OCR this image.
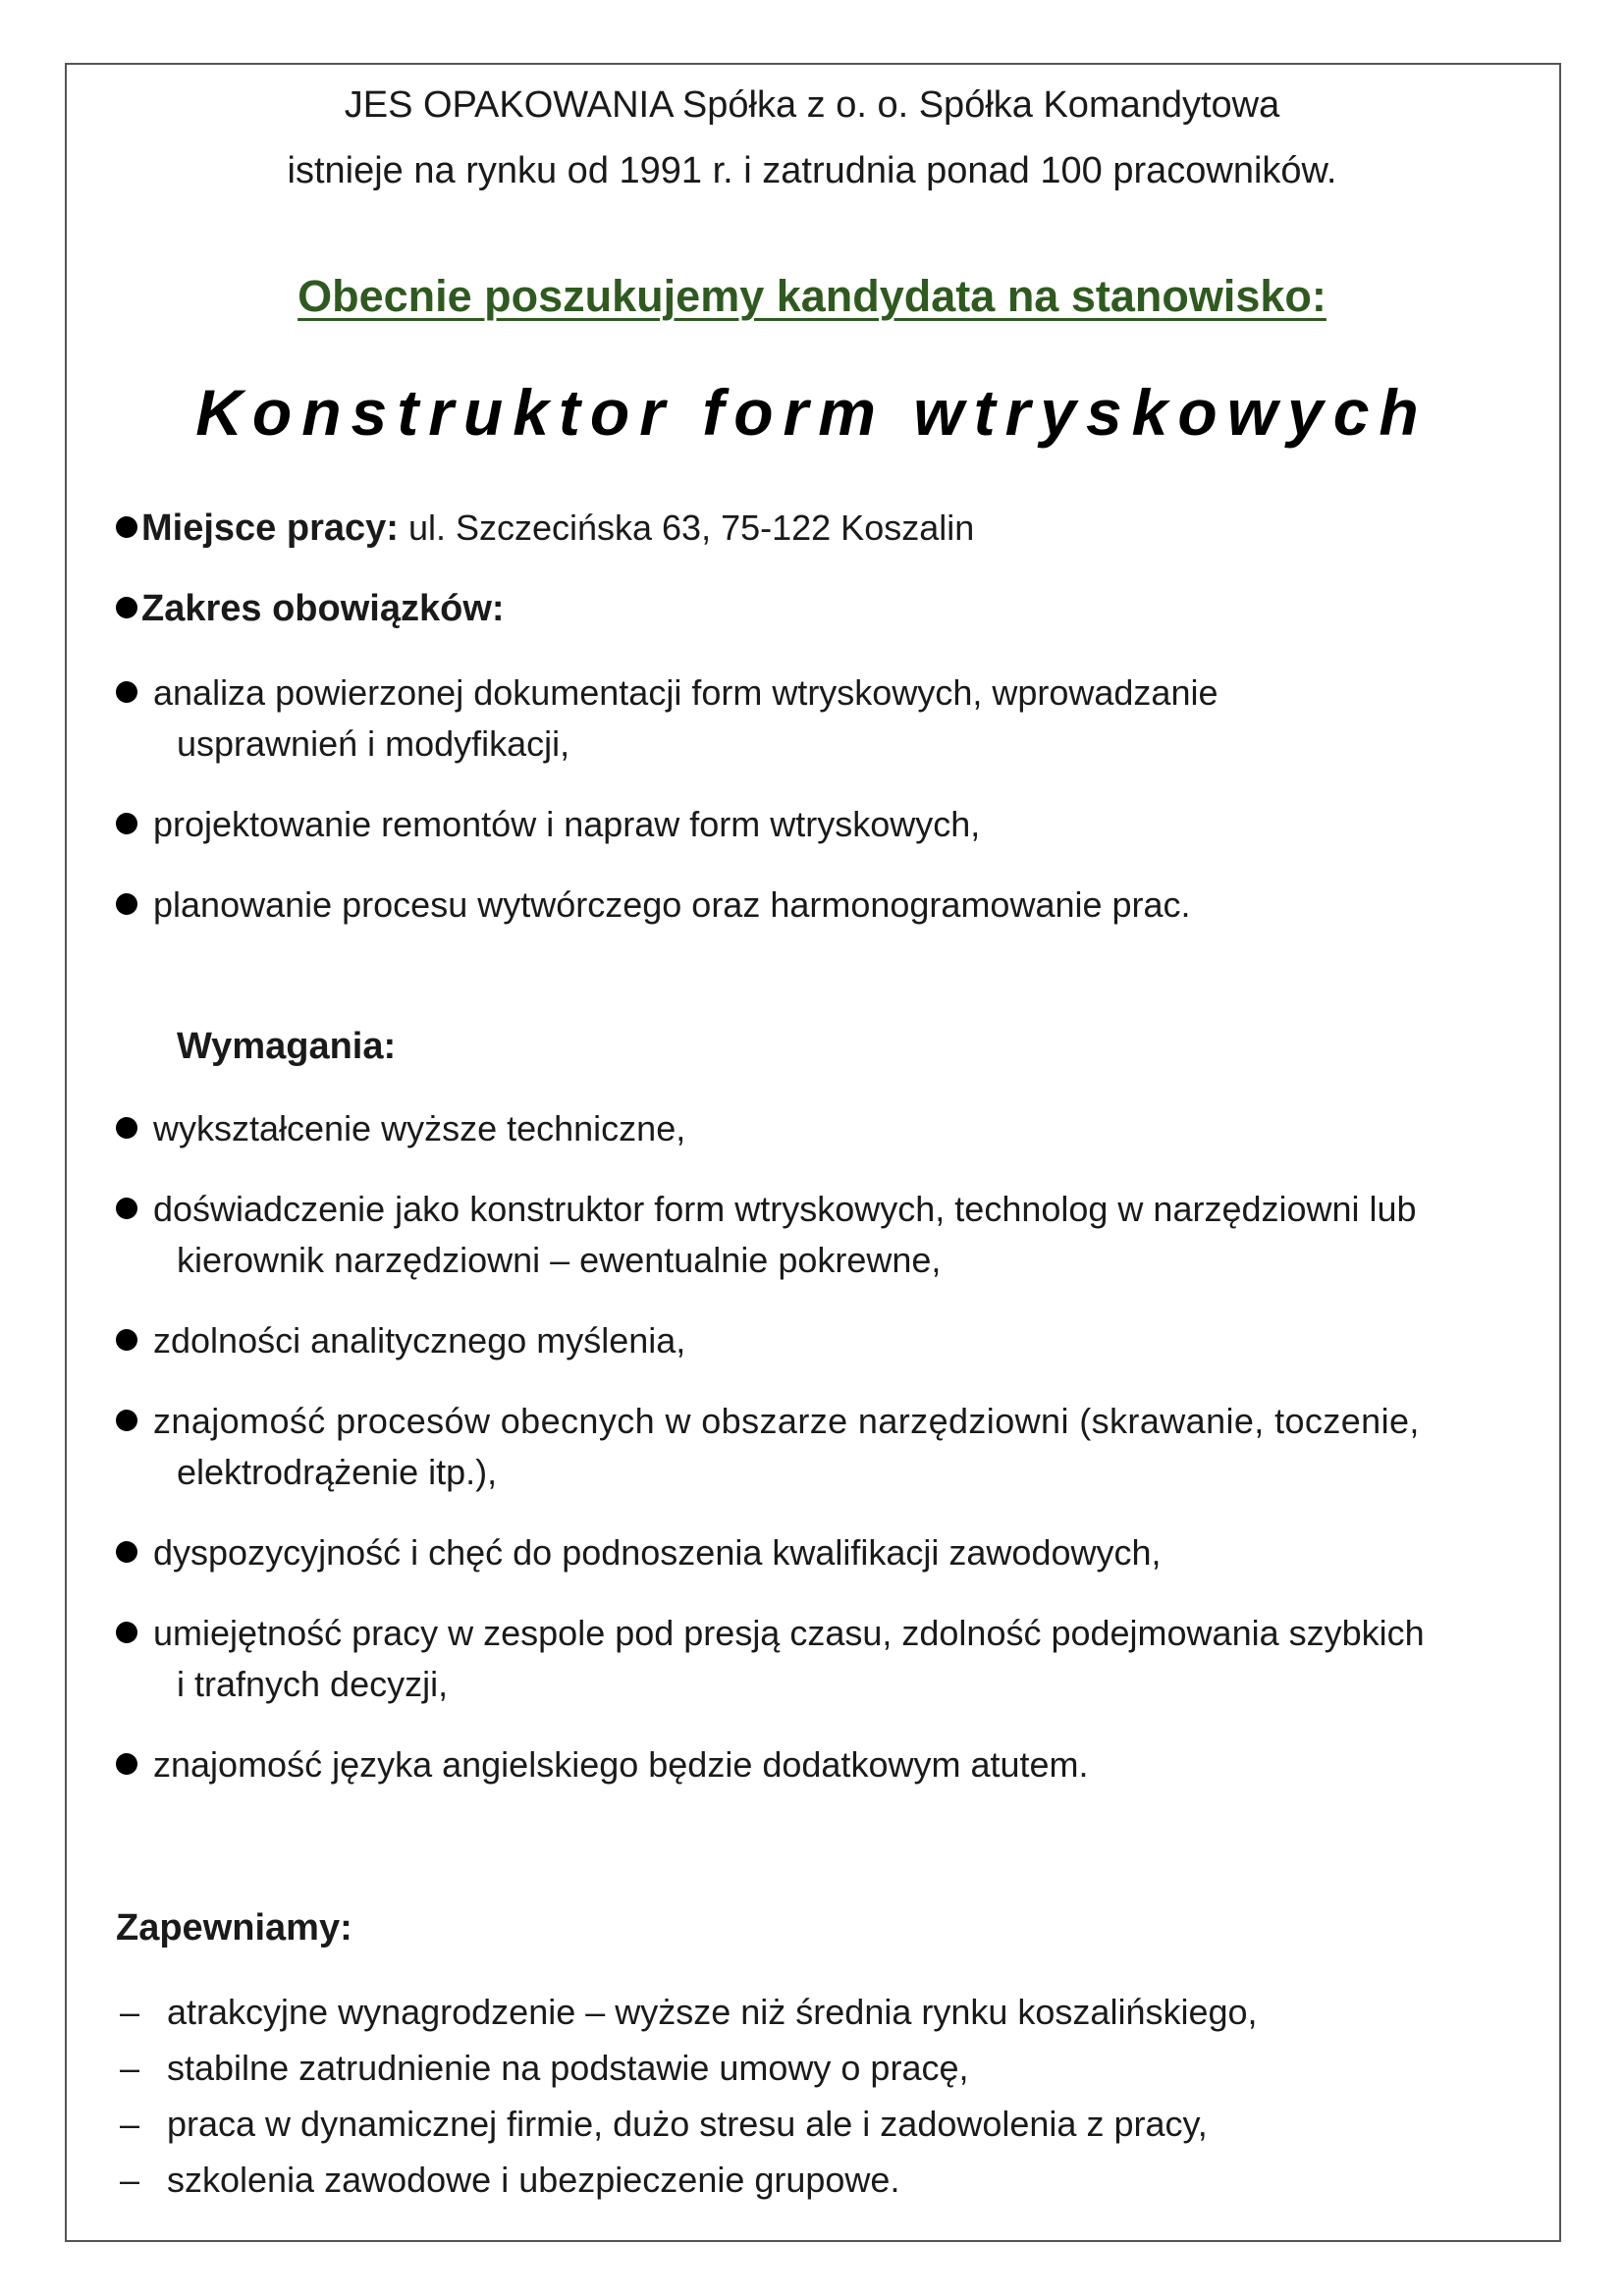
JES OPAKOWANIA Spółka z o. o. Spółka Komandytowa
istnieje na rynku od 1991 r. i zatrudnia ponad 100 pracowników.
Obecnie poszukujemy kandydata na stanowisko:
Konstruktor form wtryskowych
Miejsce pracy: ul. Szczecińska 63, 75-122 Koszalin
Zakres obowiązków:
analiza powierzonej dokumentacji form wtryskowych, wprowadzanie
usprawnień i modyfikacji,
projektowanie remontów i napraw form wtryskowych,
planowanie procesu wytwórczego oraz harmonogramowanie prac.
Wymagania:
wykształcenie wyższe techniczne,
doświadczenie jako konstruktor form wtryskowych, technolog w narzędziowni lub
kierownik narzędziowni – ewentualnie pokrewne,
zdolności analitycznego myślenia,
znajomość procesów obecnych w obszarze narzędziowni (skrawanie, toczenie,
elektrodrążenie itp.),
dyspozycyjność i chęć do podnoszenia kwalifikacji zawodowych,
umiejętność pracy w zespole pod presją czasu, zdolność podejmowania szybkich
i trafnych decyzji,
znajomość języka angielskiego będzie dodatkowym atutem.
Zapewniamy:
– atrakcyjne wynagrodzenie – wyższe niż średnia rynku koszalińskiego,
– stabilne zatrudnienie na podstawie umowy o pracę,
– praca w dynamicznej firmie, dużo stresu ale i zadowolenia z pracy,
– szkolenia zawodowe i ubezpieczenie grupowe.
